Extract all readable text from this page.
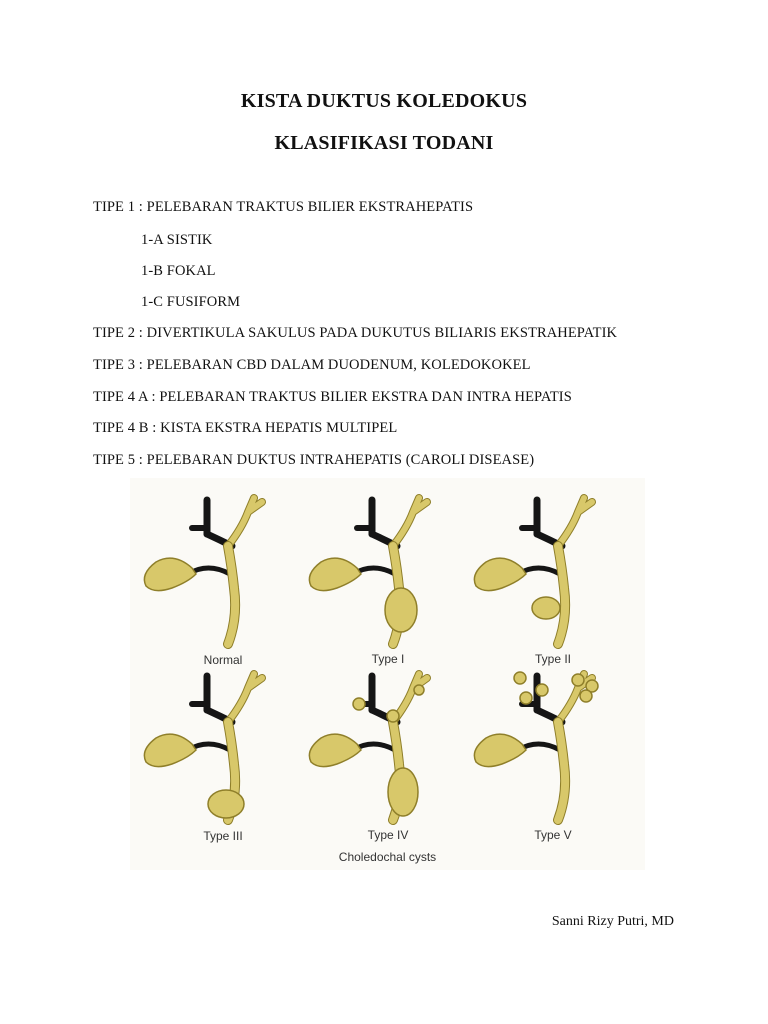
KISTA DUKTUS KOLEDOKUS
KLASIFIKASI TODANI
TIPE 1 : PELEBARAN TRAKTUS BILIER EKSTRAHEPATIS
1-A SISTIK
1-B FOKAL
1-C FUSIFORM
TIPE 2 : DIVERTIKULA SAKULUS PADA DUKUTUS BILIARIS EKSTRAHEPATIK
TIPE 3 : PELEBARAN CBD DALAM DUODENUM, KOLEDOKOKEL
TIPE 4 A : PELEBARAN TRAKTUS BILIER EKSTRA DAN INTRA HEPATIS
TIPE 4 B : KISTA EKSTRA HEPATIS MULTIPEL
TIPE 5 : PELEBARAN DUKTUS INTRAHEPATIS (CAROLI DISEASE)
Normal	Type I	Type II
Type III	Type IV	Type V
Choledochal cysts
Sanni Rizy Putri, MD
